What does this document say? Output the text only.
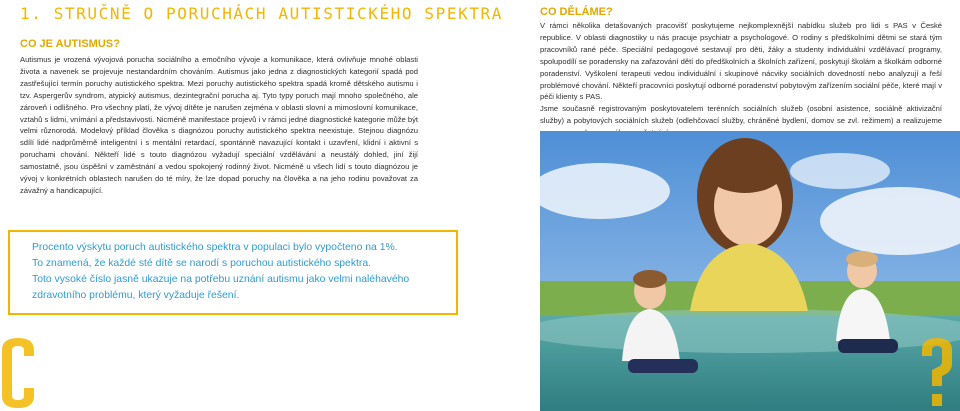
1. STRUČNĚ O PORUCHÁCH AUTISTICKÉHO SPEKTRA
CO JE AUTISMUS?

Autismus je vrozená vývojová porucha sociálního a emočního vývoje a komunikace, která ovlivňuje mnohé oblasti života a navenek se projevuje nestandardním chováním. Autismus jako jedna z diagnostických kategorií spadá pod zastřešující termín poruchy autistického spektra. Mezi poruchy autistického spektra spadá kromě dětského autismu i tzv. Aspergerův syndrom, atypický autismus, dezintegrační porucha aj. Tyto typy poruch mají mnoho společného, ale zároveň i odlišného. Pro všechny platí, že vývoj dítěte je narušen zejména v oblasti slovní a mimoslovní komunikace, vztahů s lidmi, vnímání a představivosti. Nicméně manifestace projevů i v rámci jedné diagnostické kategorie může být velmi různorodá. Modelový příklad člověka s diagnózou poruchy autistického spektra neexistuje. Stejnou diagnózu sdílí lidé nadprůměrně inteligentní i s mentální retardací, spontánně navazující kontakt i uzavření, klidní i aktivní s poruchami chování. Někteří lidé s touto diagnózou vyžadují speciální vzdělávání a neustálý dohled, jiní žijí samostatně, jsou úspěšní v zaměstnání a vedou spokojený rodinný život. Nicméně u všech lidí s touto diagnózou je vývoj v konkrétních oblastech narušen do té míry, že lze dopad poruchy na člověka a na jeho rodinu považovat za závažný a handicapující.

Procento výskytu poruch autistického spektra v populaci bylo vypočteno na 1%.

To znamená, že každé sté dítě se narodí s poruchou autistického spektra.

Toto vysoké číslo jasně ukazuje na potřebu uznání autismu jako velmi naléhavého zdravotního problému, který vyžaduje řešení.

CO DĚLÁME?

V rámci několika detašovaných pracovišť poskytujeme nejkomplexnější nabídku služeb pro lidi s PAS v České republice. V oblasti diagnostiky u nás pracuje psychiatr a psychologové. O rodiny s předškolními dětmi se stará tým pracovníků rané péče. Speciální pedagogové sestavují pro děti, žáky a studenty individuální vzdělávací programy, spolupodílí se poradensky na zařazování dětí do předškolních a školních zařízení, poskytují školám a školkám odborné poradenství. Vyškolení terapeuti vedou individuální i skupinové nácviky sociálních dovedností nebo analyzují a řeší problémové chování. Někteří pracovníci poskytují odborné poradenství pobytovým zařízením sociální péče, které mají v péči klienty s PAS.

Jsme současně registrovaným poskytovatelem terénních sociálních služeb (osobní asistence, sociálně aktivizační služby) a pobytových sociálních služeb (odlehčovací služby, chráněné bydlení, domov se zvl. režimem) a realizujeme
